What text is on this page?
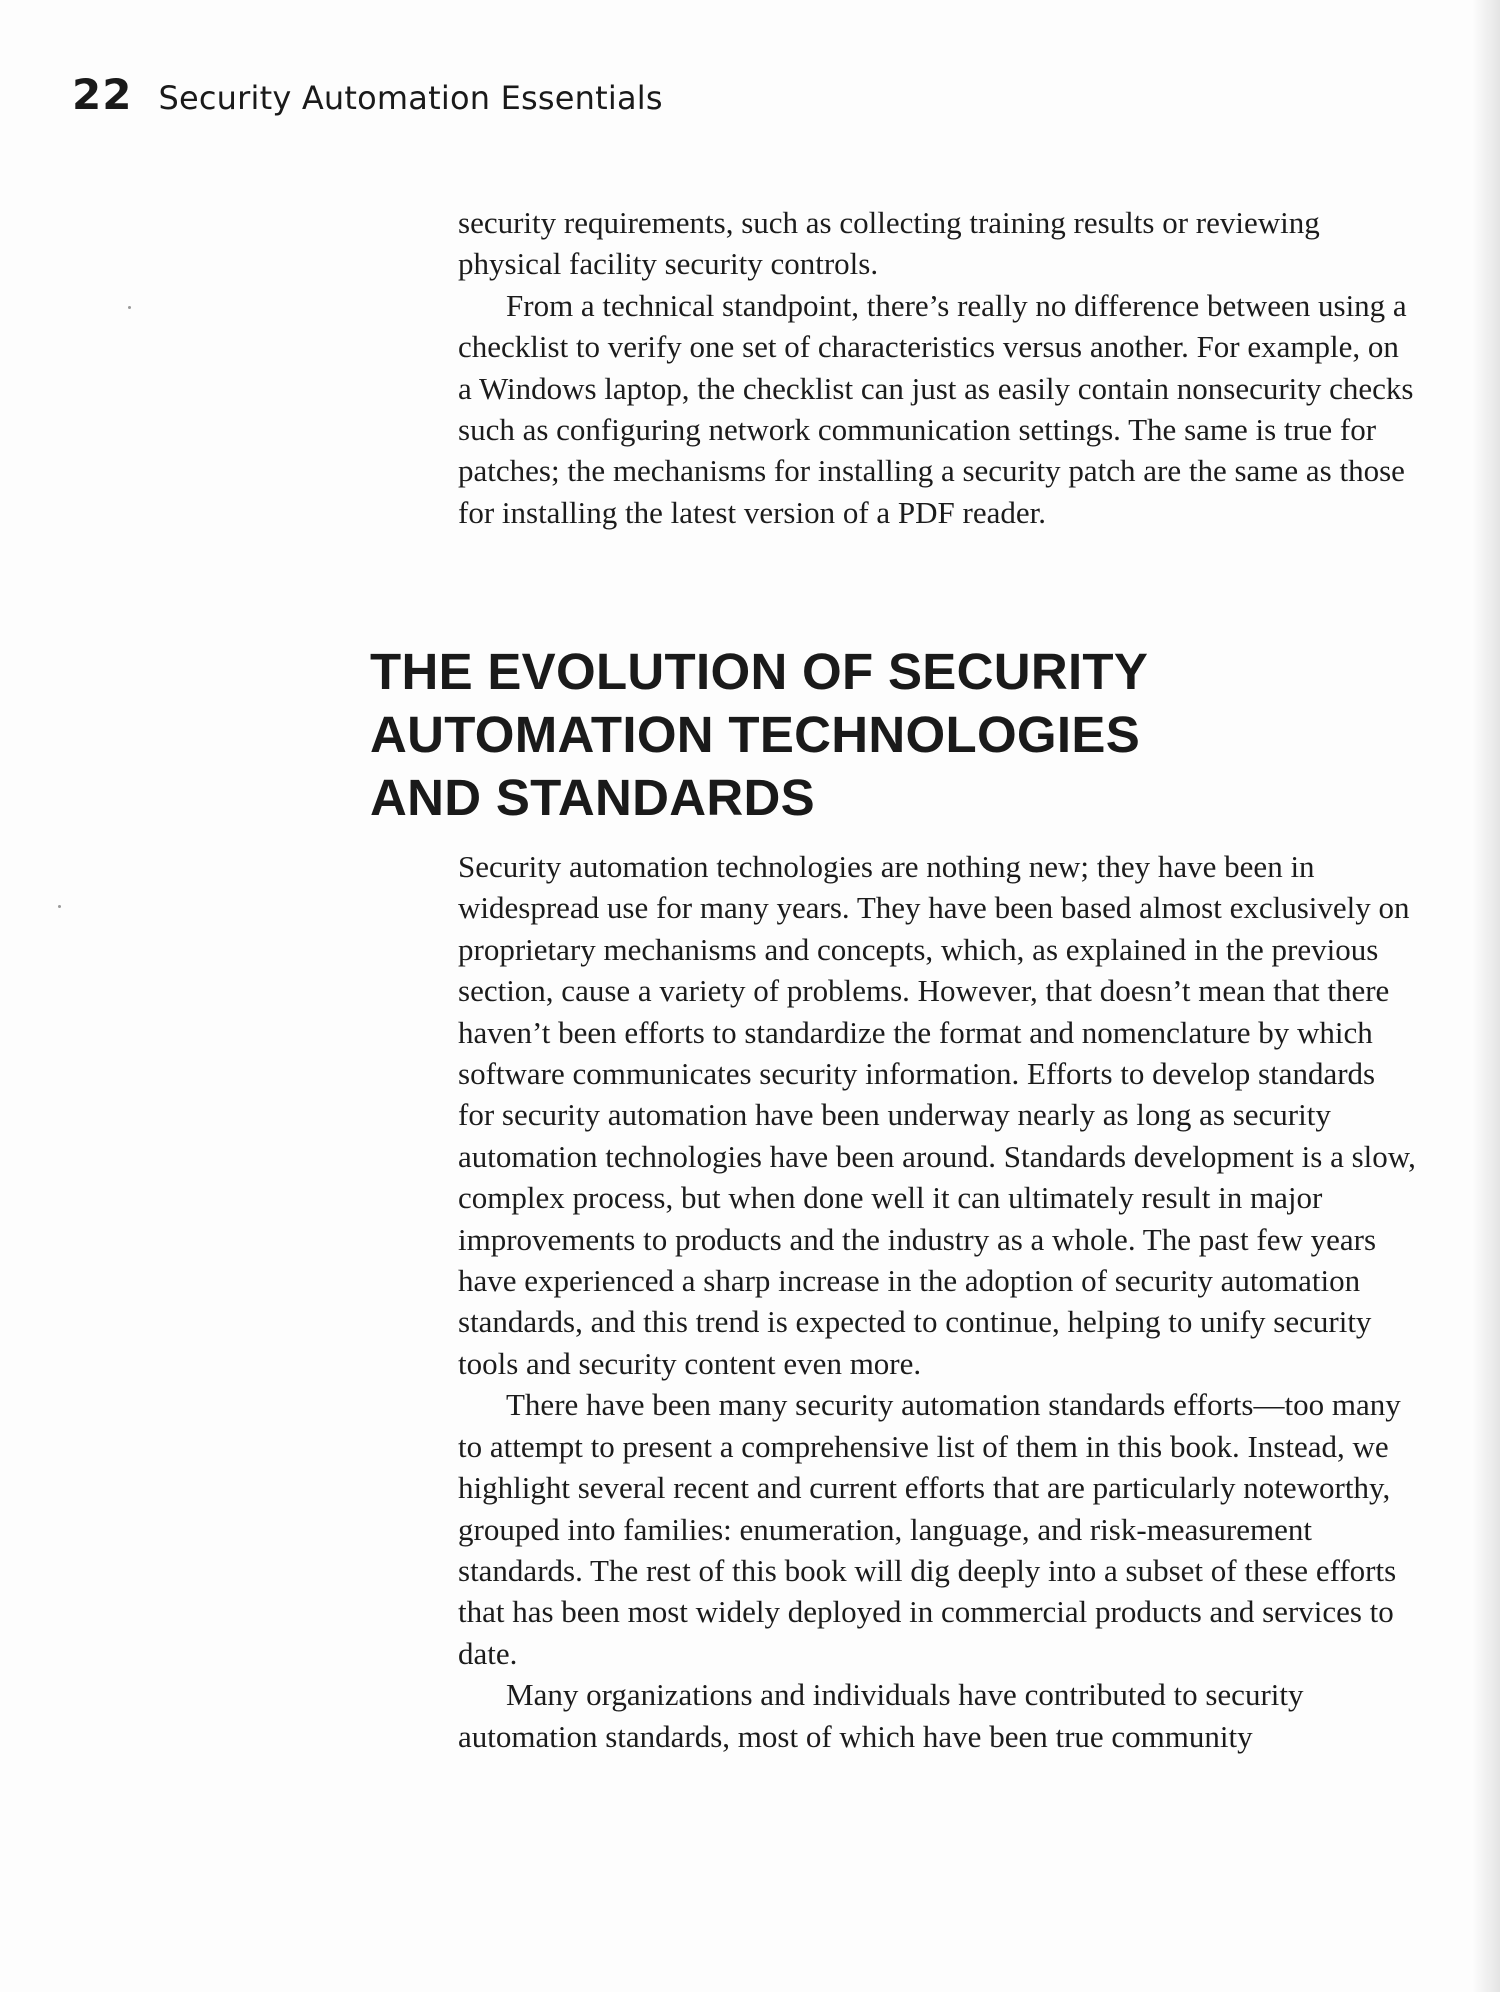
22 Security Automation Essentials

security requirements, such as collecting training results or reviewing physical facility security controls.

From a technical standpoint, there’s really no difference between using a checklist to verify one set of characteristics versus another. For example, on a Windows laptop, the checklist can just as easily contain nonsecurity checks such as configuring network communication settings. The same is true for patches; the mechanisms for installing a security patch are the same as those for installing the latest version of a PDF reader.

THE EVOLUTION OF SECURITY
AUTOMATION TECHNOLOGIES
AND STANDARDS

Security automation technologies are nothing new; they have been in widespread use for many years. They have been based almost exclusively on proprietary mechanisms and concepts, which, as explained in the previous section, cause a variety of problems. However, that doesn’t mean that there haven’t been efforts to standardize the format and nomenclature by which software communicates security information. Efforts to develop standards for security automation have been underway nearly as long as security automation technologies have been around. Standards development is a slow, complex process, but when done well it can ultimately result in major improvements to products and the industry as a whole. The past few years have experienced a sharp increase in the adoption of security automation standards, and this trend is expected to continue, helping to unify security tools and security content even more.

There have been many security automation standards efforts—too many to attempt to present a comprehensive list of them in this book. Instead, we highlight several recent and current efforts that are particularly noteworthy, grouped into families: enumeration, language, and risk-measurement standards. The rest of this book will dig deeply into a subset of these efforts that has been most widely deployed in commercial products and services to date.

Many organizations and individuals have contributed to security automation standards, most of which have been true community
